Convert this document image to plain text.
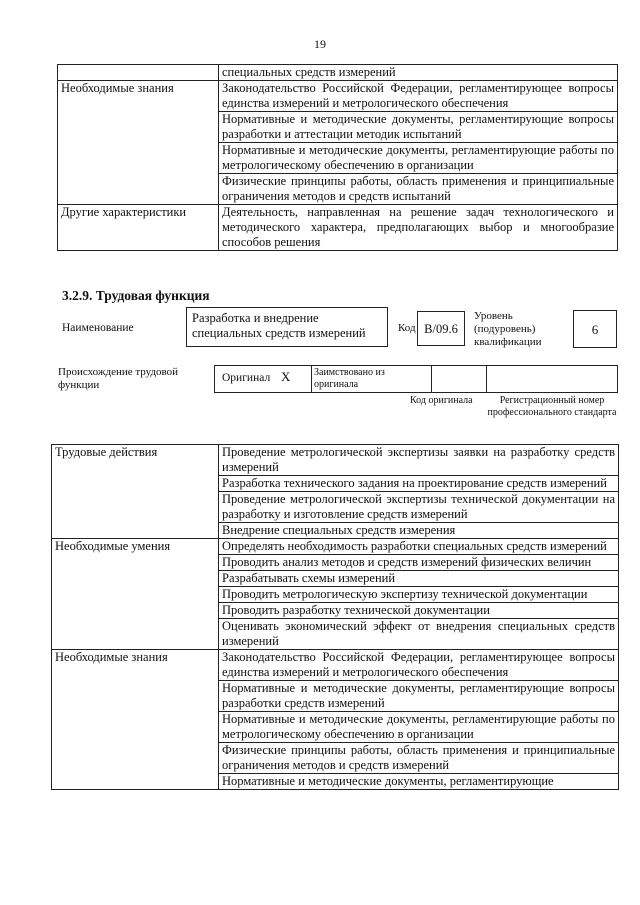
19
	специальных средств измерений
Необходимые знания	Законодательство Российской Федерации, регламентирующее вопросы единства измерений и метрологического обеспечения
	Нормативные и методические документы, регламентирующие вопросы разработки и аттестации методик испытаний
	Нормативные и методические документы, регламентирующие работы по метрологическому обеспечению в организации
	Физические принципы работы, область применения и принципиальные ограничения методов и средств испытаний
Другие характеристики	Деятельность, направленная на решение задач технологического и методического характера, предполагающих выбор и многообразие способов решения
3.2.9. Трудовая функция
Наименование
Разработка и внедрение специальных средств измерений	Код B/09.6
Уровень (подуровень) квалификации
6
Происхождение трудовой функции
Оригинал X Заимствовано из оригинала
Код оригинала	Регистрационный номер профессионального стандарта
Трудовые действия	Проведение метрологической экспертизы заявки на разработку средств измерений
	Разработка технического задания на проектирование средств измерений
	Проведение метрологической экспертизы технической документации на разработку и изготовление средств измерений
	Внедрение специальных средств измерения
Необходимые умения	Определять необходимость разработки специальных средств измерений
	Проводить анализ методов и средств измерений физических величин
	Разрабатывать схемы измерений
	Проводить метрологическую экспертизу технической документации
	Проводить разработку технической документации
	Оценивать экономический эффект от внедрения специальных средств измерений
Необходимые знания	Законодательство Российской Федерации, регламентирующее вопросы единства измерений и метрологического обеспечения
	Нормативные и методические документы, регламентирующие вопросы разработки средств измерений
	Нормативные и методические документы, регламентирующие работы по метрологическому обеспечению в организации
	Физические принципы работы, область применения и принципиальные ограничения методов и средств измерений
	Нормативные и методические документы, регламентирующие
